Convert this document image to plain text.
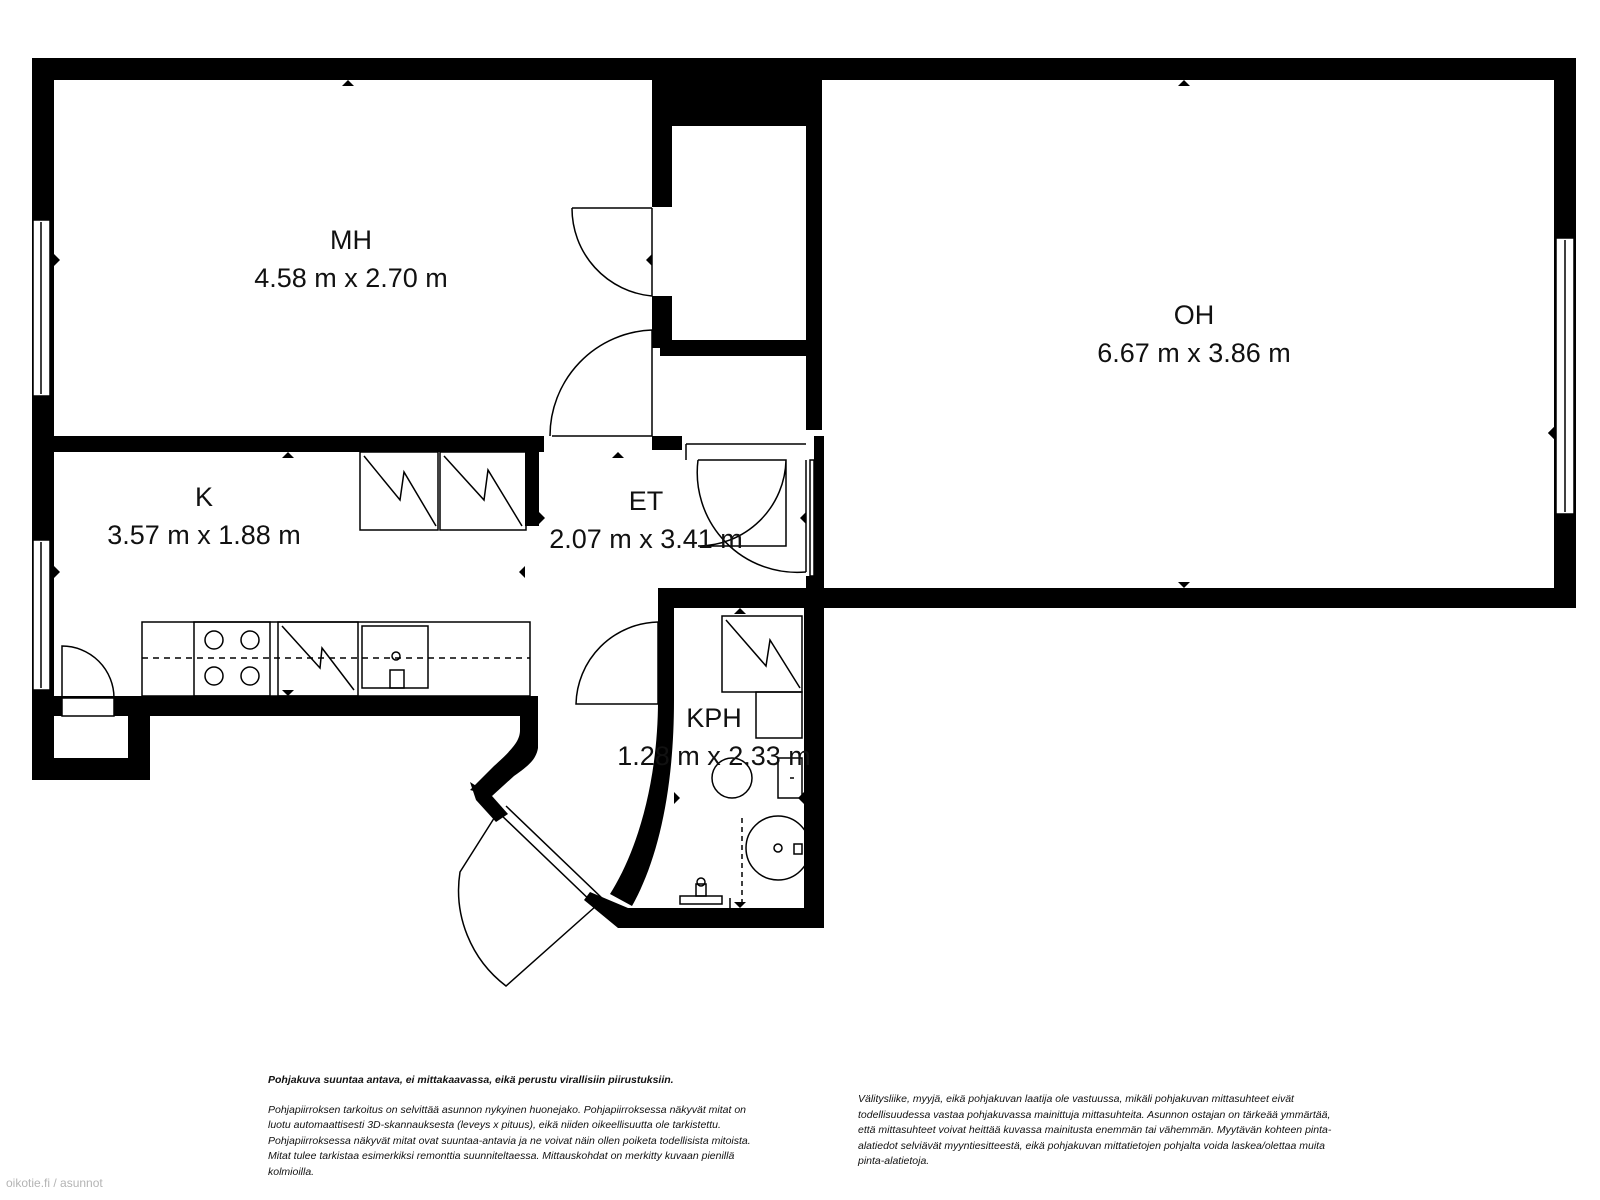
MH
4.58 m x 2.70 m
OH
6.67 m x 3.86 m
K
3.57 m x 1.88 m
ET
2.07 m x 3.41 m
KPH
1.28 m x 2.33 m

Pohjakuva suuntaa antava, ei mittakaavassa, eikä perustu virallisiin piirustuksiin.

Pohjapiirroksen tarkoitus on selvittää asunnon nykyinen huonejako. Pohjapiirroksessa näkyvät mitat on luotu automaattisesti 3D-skannauksesta (leveys x pituus), eikä niiden oikeellisuutta ole tarkistettu. Pohjapiirroksessa näkyvät mitat ovat suuntaa-antavia ja ne voivat näin ollen poiketa todellisista mitoista. Mitat tulee tarkistaa esimerkiksi remonttia suunniteltaessa. Mittauskohdat on merkitty kuvaan pienillä kolmioilla.

Välitysliike, myyjä, eikä pohjakuvan laatija ole vastuussa, mikäli pohjakuvan mittasuhteet eivät todellisuudessa vastaa pohjakuvassa mainittuja mittasuhteita. Asunnon ostajan on tärkeää ymmärtää, että mittasuhteet voivat heittää kuvassa mainitusta enemmän tai vähemmän. Myytävän kohteen pinta-alatiedot selviävät myyntiesitteestä, eikä pohjakuvan mittatietojen pohjalta voida laskea/olettaa muita pinta-alatietoja.

oikotie.fi / asunnot
